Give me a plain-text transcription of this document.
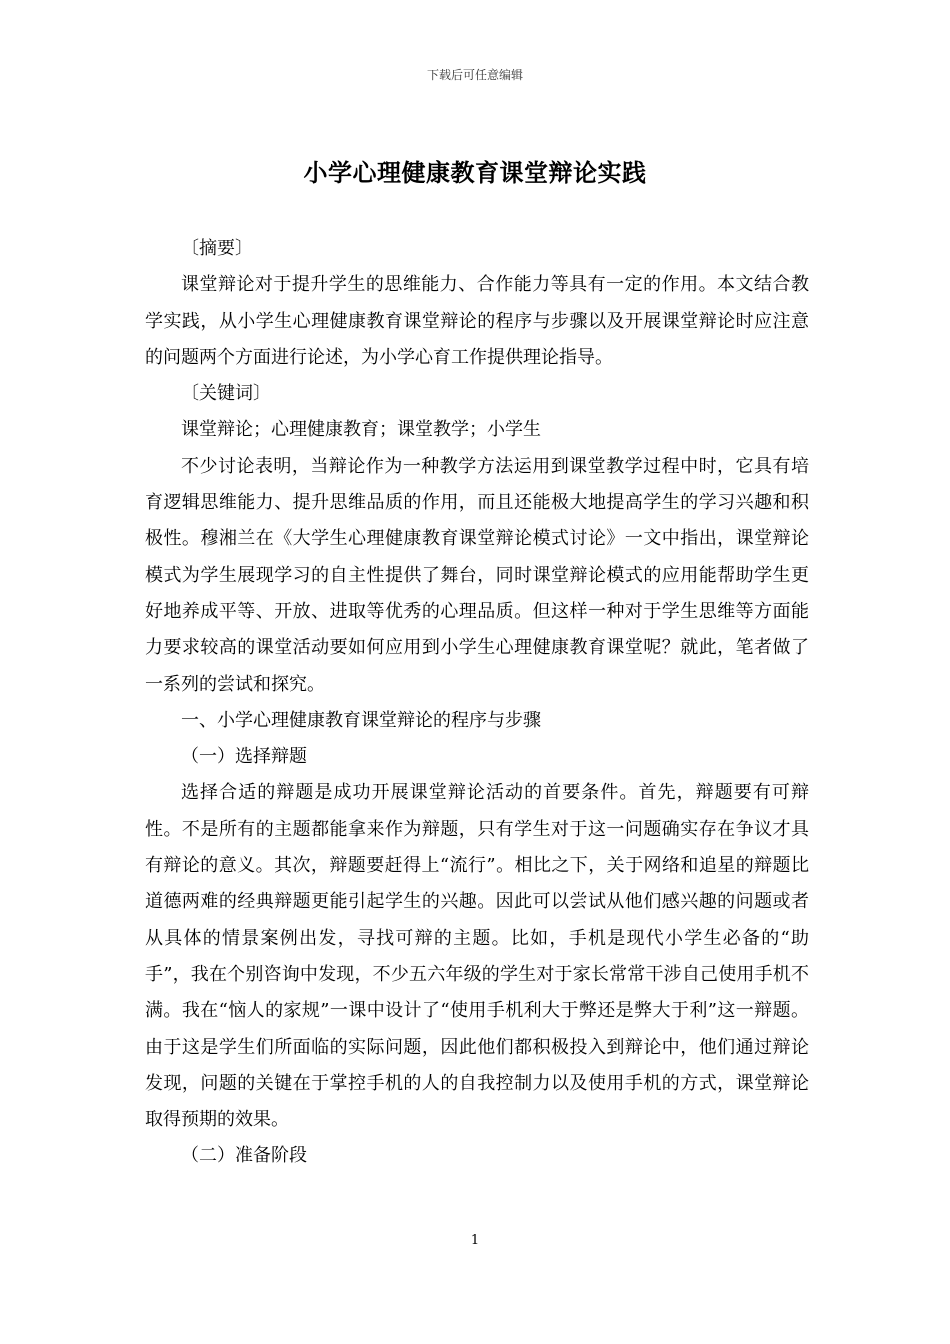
下载后可任意编辑
小学心理健康教育课堂辩论实践

〔摘要〕

课堂辩论对于提升学生的思维能力、合作能力等具有一定的作用。本文结合教学实践，从小学生心理健康教育课堂辩论的程序与步骤以及开展课堂辩论时应注意的问题两个方面进行论述，为小学心育工作提供理论指导。

〔关键词〕

课堂辩论；心理健康教育；课堂教学；小学生

不少讨论表明，当辩论作为一种教学方法运用到课堂教学过程中时，它具有培育逻辑思维能力、提升思维品质的作用，而且还能极大地提高学生的学习兴趣和积极性。穆湘兰在《大学生心理健康教育课堂辩论模式讨论》一文中指出，课堂辩论模式为学生展现学习的自主性提供了舞台，同时课堂辩论模式的应用能帮助学生更好地养成平等、开放、进取等优秀的心理品质。但这样一种对于学生思维等方面能力要求较高的课堂活动要如何应用到小学生心理健康教育课堂呢？就此，笔者做了一系列的尝试和探究。

一、小学心理健康教育课堂辩论的程序与步骤

（一）选择辩题

选择合适的辩题是成功开展课堂辩论活动的首要条件。首先，辩题要有可辩性。不是所有的主题都能拿来作为辩题，只有学生对于这一问题确实存在争议才具有辩论的意义。其次，辩题要赶得上“流行”。相比之下，关于网络和追星的辩题比道德两难的经典辩题更能引起学生的兴趣。因此可以尝试从他们感兴趣的问题或者从具体的情景案例出发，寻找可辩的主题。比如，手机是现代小学生必备的“助手”，我在个别咨询中发现，不少五六年级的学生对于家长常常干涉自己使用手机不满。我在“恼人的家规”一课中设计了“使用手机利大于弊还是弊大于利”这一辩题。由于这是学生们所面临的实际问题，因此他们都积极投入到辩论中，他们通过辩论发现，问题的关键在于掌控手机的人的自我控制力以及使用手机的方式，课堂辩论取得预期的效果。

（二）准备阶段

1
